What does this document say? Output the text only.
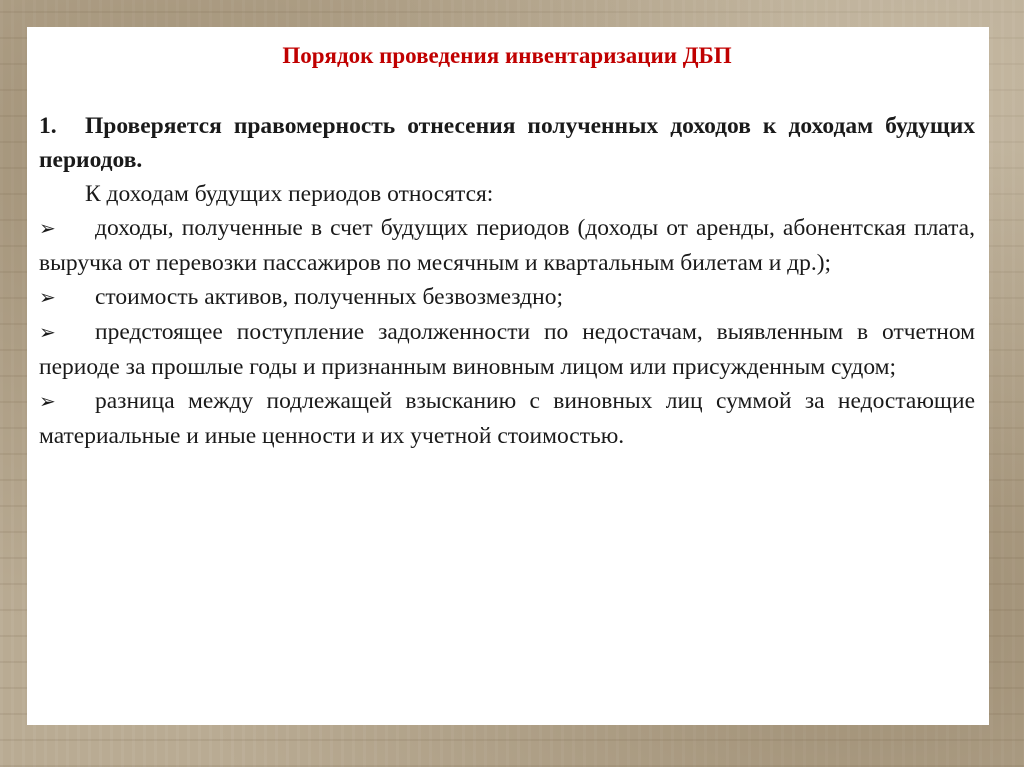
Порядок проведения инвентаризации ДБП
1. Проверяется правомерность отнесения полученных доходов к доходам будущих периодов.
К доходам будущих периодов относятся:
➢ доходы, полученные в счет будущих периодов (доходы от аренды, абонентская плата, выручка от перевозки пассажиров по месячным и квартальным билетам и др.);
➢ стоимость активов, полученных безвозмездно;
➢ предстоящее поступление задолженности по недостачам, выявленным в отчетном периоде за прошлые годы и признанным виновным лицом или присужденным судом;
➢ разница между подлежащей взысканию с виновных лиц суммой за недостающие материальные и иные ценности и их учетной стоимостью.
